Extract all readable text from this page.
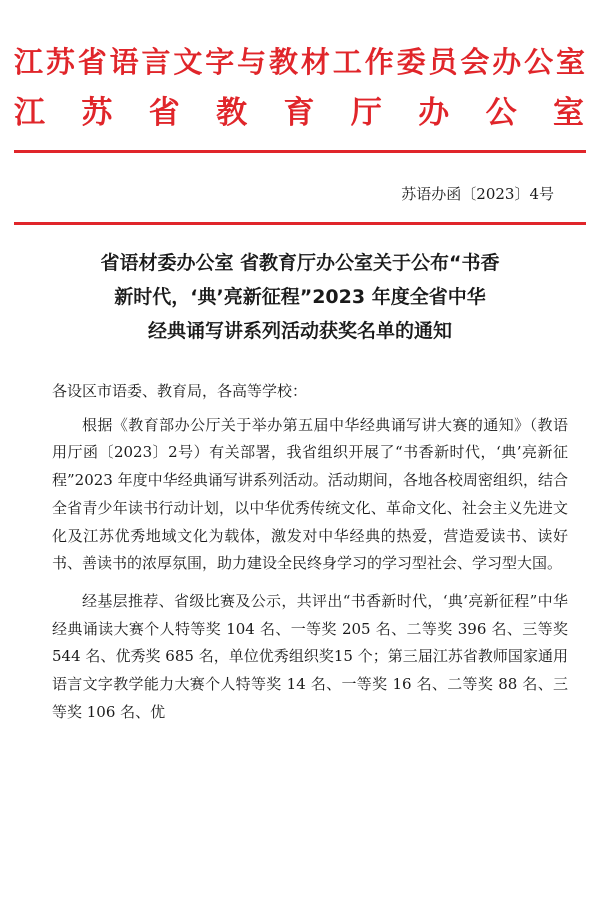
江苏省语言文字与教材工作委员会办公室
江苏省教育厅办公室
苏语办函〔2023〕4号
省语材委办公室 省教育厅办公室关于公布“书香
新时代，‘典’亮新征程”2023 年度全省中华
经典诵写讲系列活动获奖名单的通知

各设区市语委、教育局，各高等学校：

根据《教育部办公厅关于举办第五届中华经典诵写讲大赛的通知》（教语用厅函〔2023〕2号）有关部署，我省组织开展了“书香新时代，‘典’亮新征程”2023 年度中华经典诵写讲系列活动。活动期间，各地各校周密组织，结合全省青少年读书行动计划，以中华优秀传统文化、革命文化、社会主义先进文化及江苏优秀地域文化为载体，激发对中华经典的热爱，营造爱读书、读好书、善读书的浓厚氛围，助力建设全民终身学习的学习型社会、学习型大国。

经基层推荐、省级比赛及公示，共评出“书香新时代，‘典’亮新征程”中华经典诵读大赛个人特等奖 104 名、一等奖 205 名、二等奖 396 名、三等奖 544 名、优秀奖 685 名，单位优秀组织奖15 个；第三届江苏省教师国家通用语言文字教学能力大赛个人特等奖 14 名、一等奖 16 名、二等奖 88 名、三等奖 106 名、优
